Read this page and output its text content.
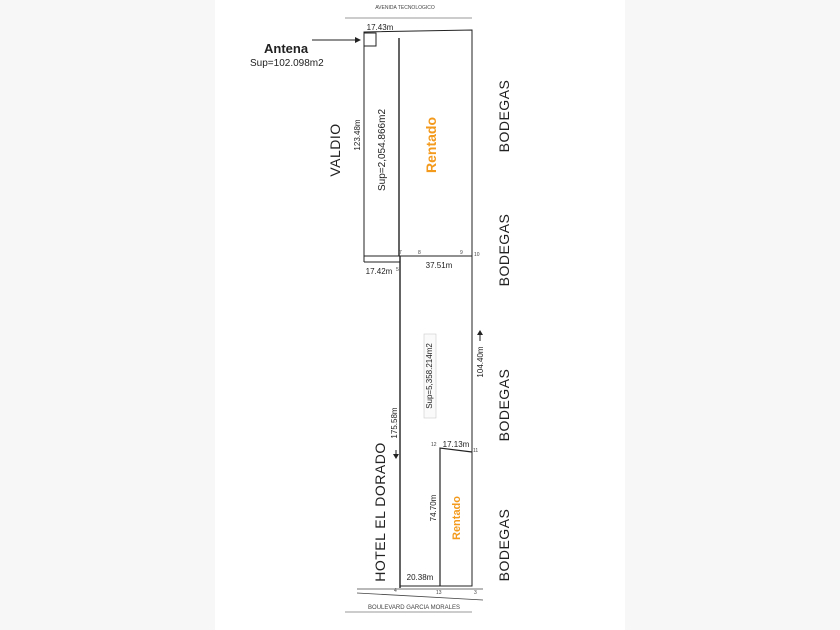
AVENIDA TECNOLOGICO
17.43m
Antena
Sup=102.098m2
123.48m Sup=2,054.866m2	Rentado
17.42m
VALDIO	BODEGAS
BODEGAS
BODEGAS
BODEGAS
37.51m
Sup=5,358.214m2	104.40m
175.58m
HOTEL EL DORADO	17.13m
74.70m Rentado
20.38m
BOULEVARD GARCIA MORALES
4
5
7	8	9 10
11
12
13	3
